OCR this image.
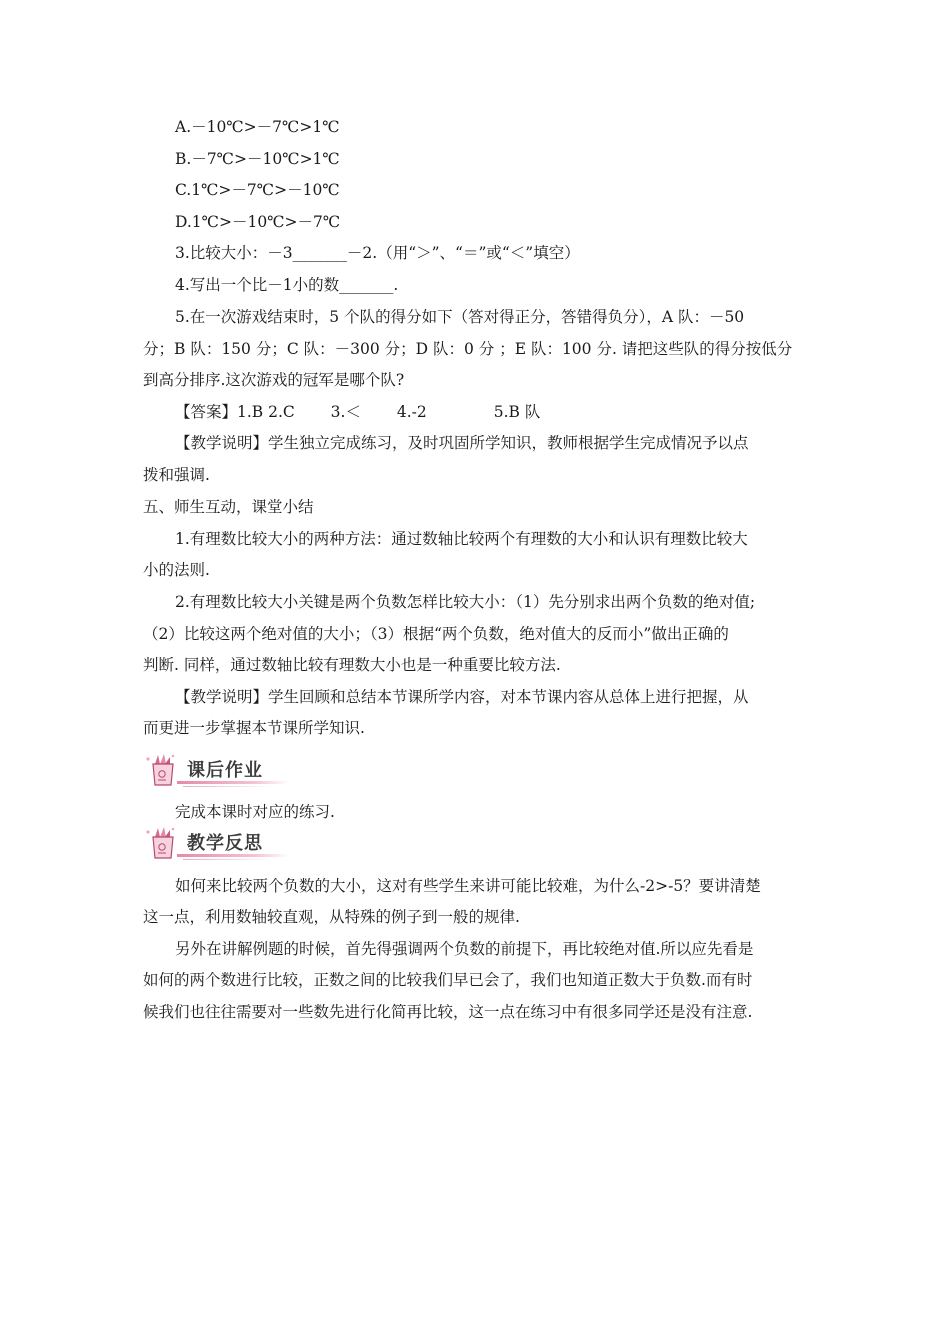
A.－10℃>－7℃>1℃
B.－7℃>－10℃>1℃
C.1℃>－7℃>－10℃
D.1℃>－10℃>－7℃
3.比较大小：－3_______－2.（用“＞”、“＝”或“＜”填空）
4.写出一个比－1小的数_______.
5.在一次游戏结束时，5 个队的得分如下（答对得正分，答错得负分），A 队：－50
分；B 队：150 分；C 队：－300 分；D 队：0 分 ；E 队：100 分. 请把这些队的得分按低分
到高分排序.这次游戏的冠军是哪个队?
【答案】1.B 2.C　　 3.＜　　 4.-2　　　　 5.B 队
【教学说明】学生独立完成练习，及时巩固所学知识，教师根据学生完成情况予以点
拨和强调.
五、师生互动，课堂小结
1.有理数比较大小的两种方法：通过数轴比较两个有理数的大小和认识有理数比较大
小的法则.
2.有理数比较大小关键是两个负数怎样比较大小：（1）先分别求出两个负数的绝对值;
（2）比较这两个绝对值的大小；（3）根据“两个负数，绝对值大的反而小”做出正确的
判断. 同样，通过数轴比较有理数大小也是一种重要比较方法.
【教学说明】学生回顾和总结本节课所学内容，对本节课内容从总体上进行把握，从
而更进一步掌握本节课所学知识.
课后作业
完成本课时对应的练习.
教学反思
如何来比较两个负数的大小，这对有些学生来讲可能比较难，为什么-2>-5？要讲清楚
这一点，利用数轴较直观，从特殊的例子到一般的规律.
另外在讲解例题的时候，首先得强调两个负数的前提下，再比较绝对值.所以应先看是
如何的两个数进行比较，正数之间的比较我们早已会了，我们也知道正数大于负数.而有时
候我们也往往需要对一些数先进行化简再比较，这一点在练习中有很多同学还是没有注意.
